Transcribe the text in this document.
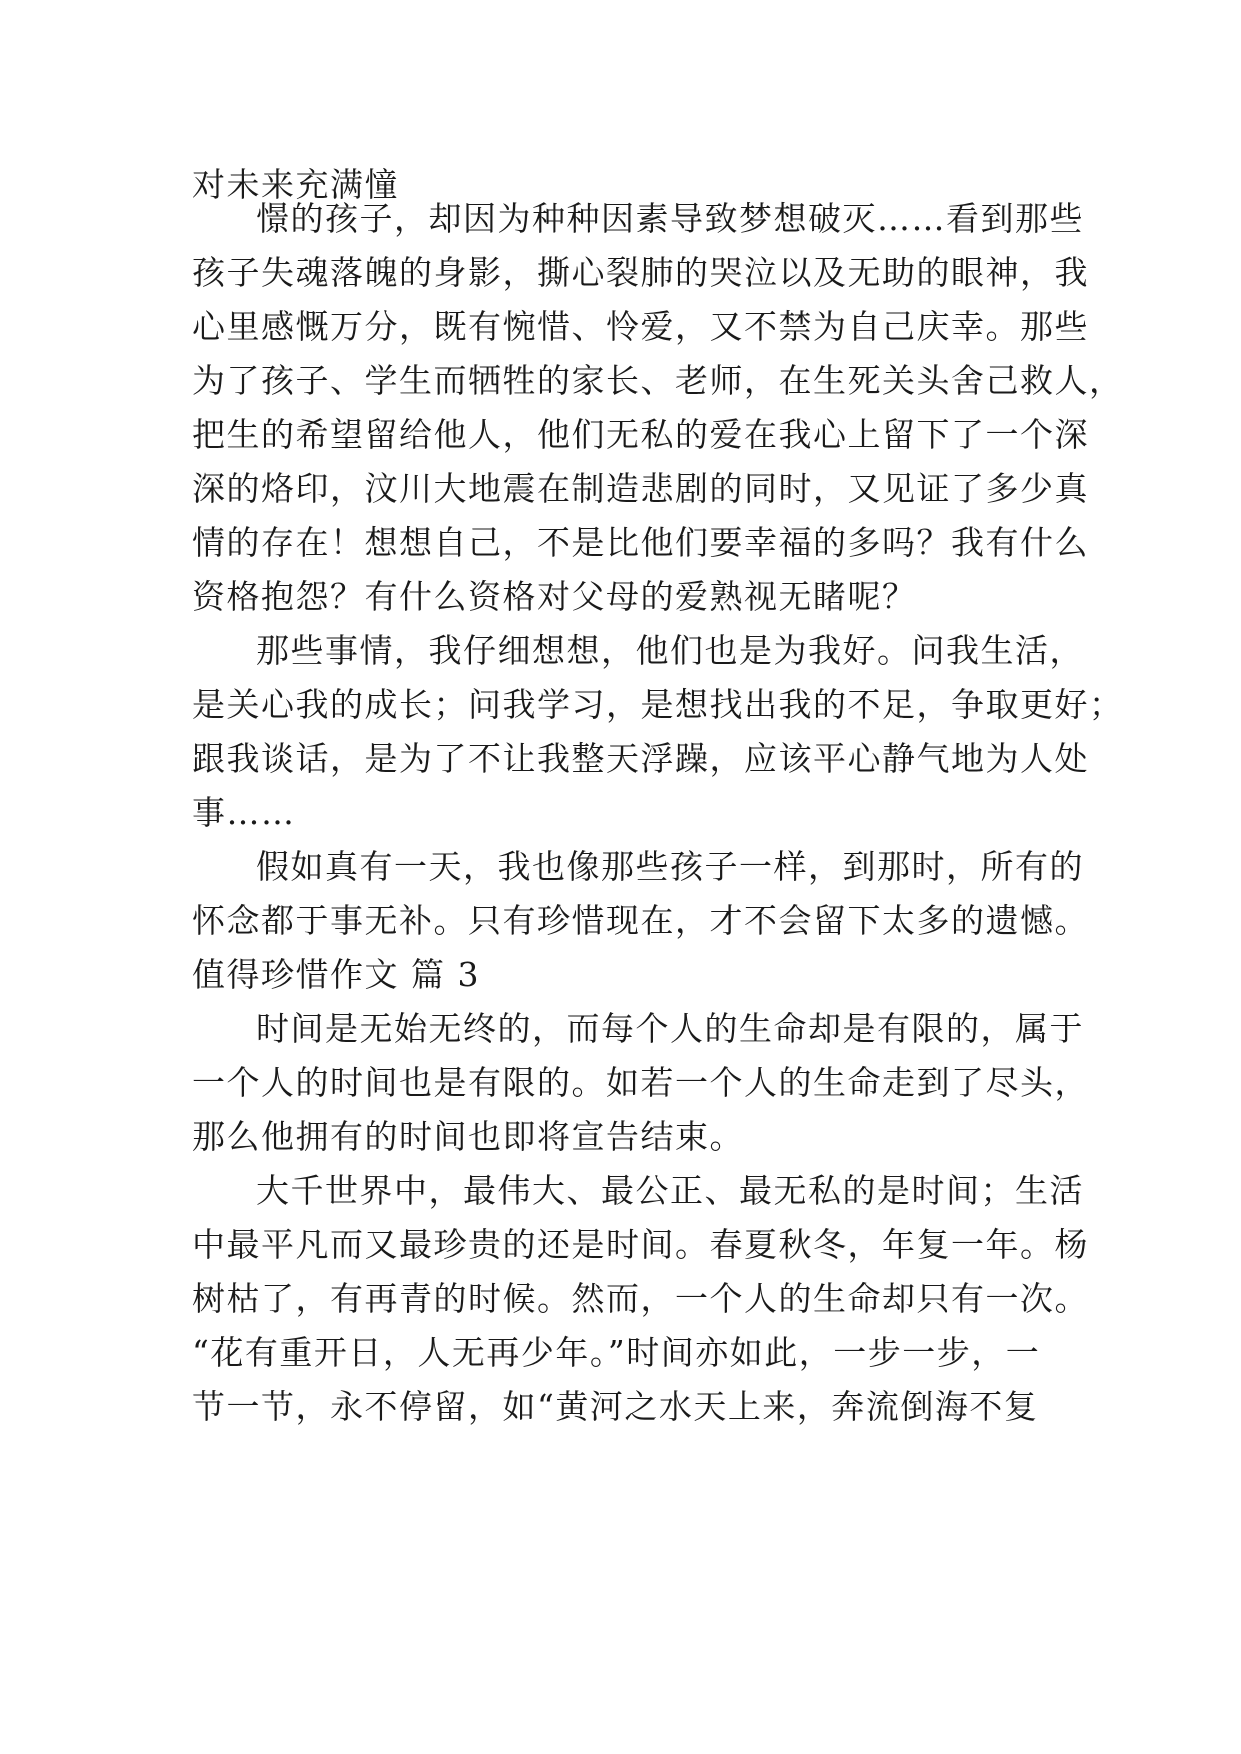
对未来充满憧
憬的孩子，却因为种种因素导致梦想破灭……看到那些
孩子失魂落魄的身影，撕心裂肺的哭泣以及无助的眼神，我
心里感慨万分，既有惋惜、怜爱，又不禁为自己庆幸。那些
为了孩子、学生而牺牲的家长、老师，在生死关头舍己救人，
把生的希望留给他人，他们无私的爱在我心上留下了一个深
深的烙印，汶川大地震在制造悲剧的同时，又见证了多少真
情的存在！想想自己，不是比他们要幸福的多吗？我有什么
资格抱怨？有什么资格对父母的爱熟视无睹呢？
那些事情，我仔细想想，他们也是为我好。问我生活，
是关心我的成长；问我学习，是想找出我的不足，争取更好；
跟我谈话，是为了不让我整天浮躁，应该平心静气地为人处
事……
假如真有一天，我也像那些孩子一样，到那时，所有的
怀念都于事无补。只有珍惜现在，才不会留下太多的遗憾。
值得珍惜作文 篇 3
时间是无始无终的，而每个人的生命却是有限的，属于
一个人的时间也是有限的。如若一个人的生命走到了尽头，
那么他拥有的时间也即将宣告结束。
大千世界中，最伟大、最公正、最无私的是时间；生活
中最平凡而又最珍贵的还是时间。春夏秋冬，年复一年。杨
树枯了，有再青的时候。然而，一个人的生命却只有一次。
“花有重开日，人无再少年。”时间亦如此，一步一步，一
节一节，永不停留，如“黄河之水天上来，奔流倒海不复
